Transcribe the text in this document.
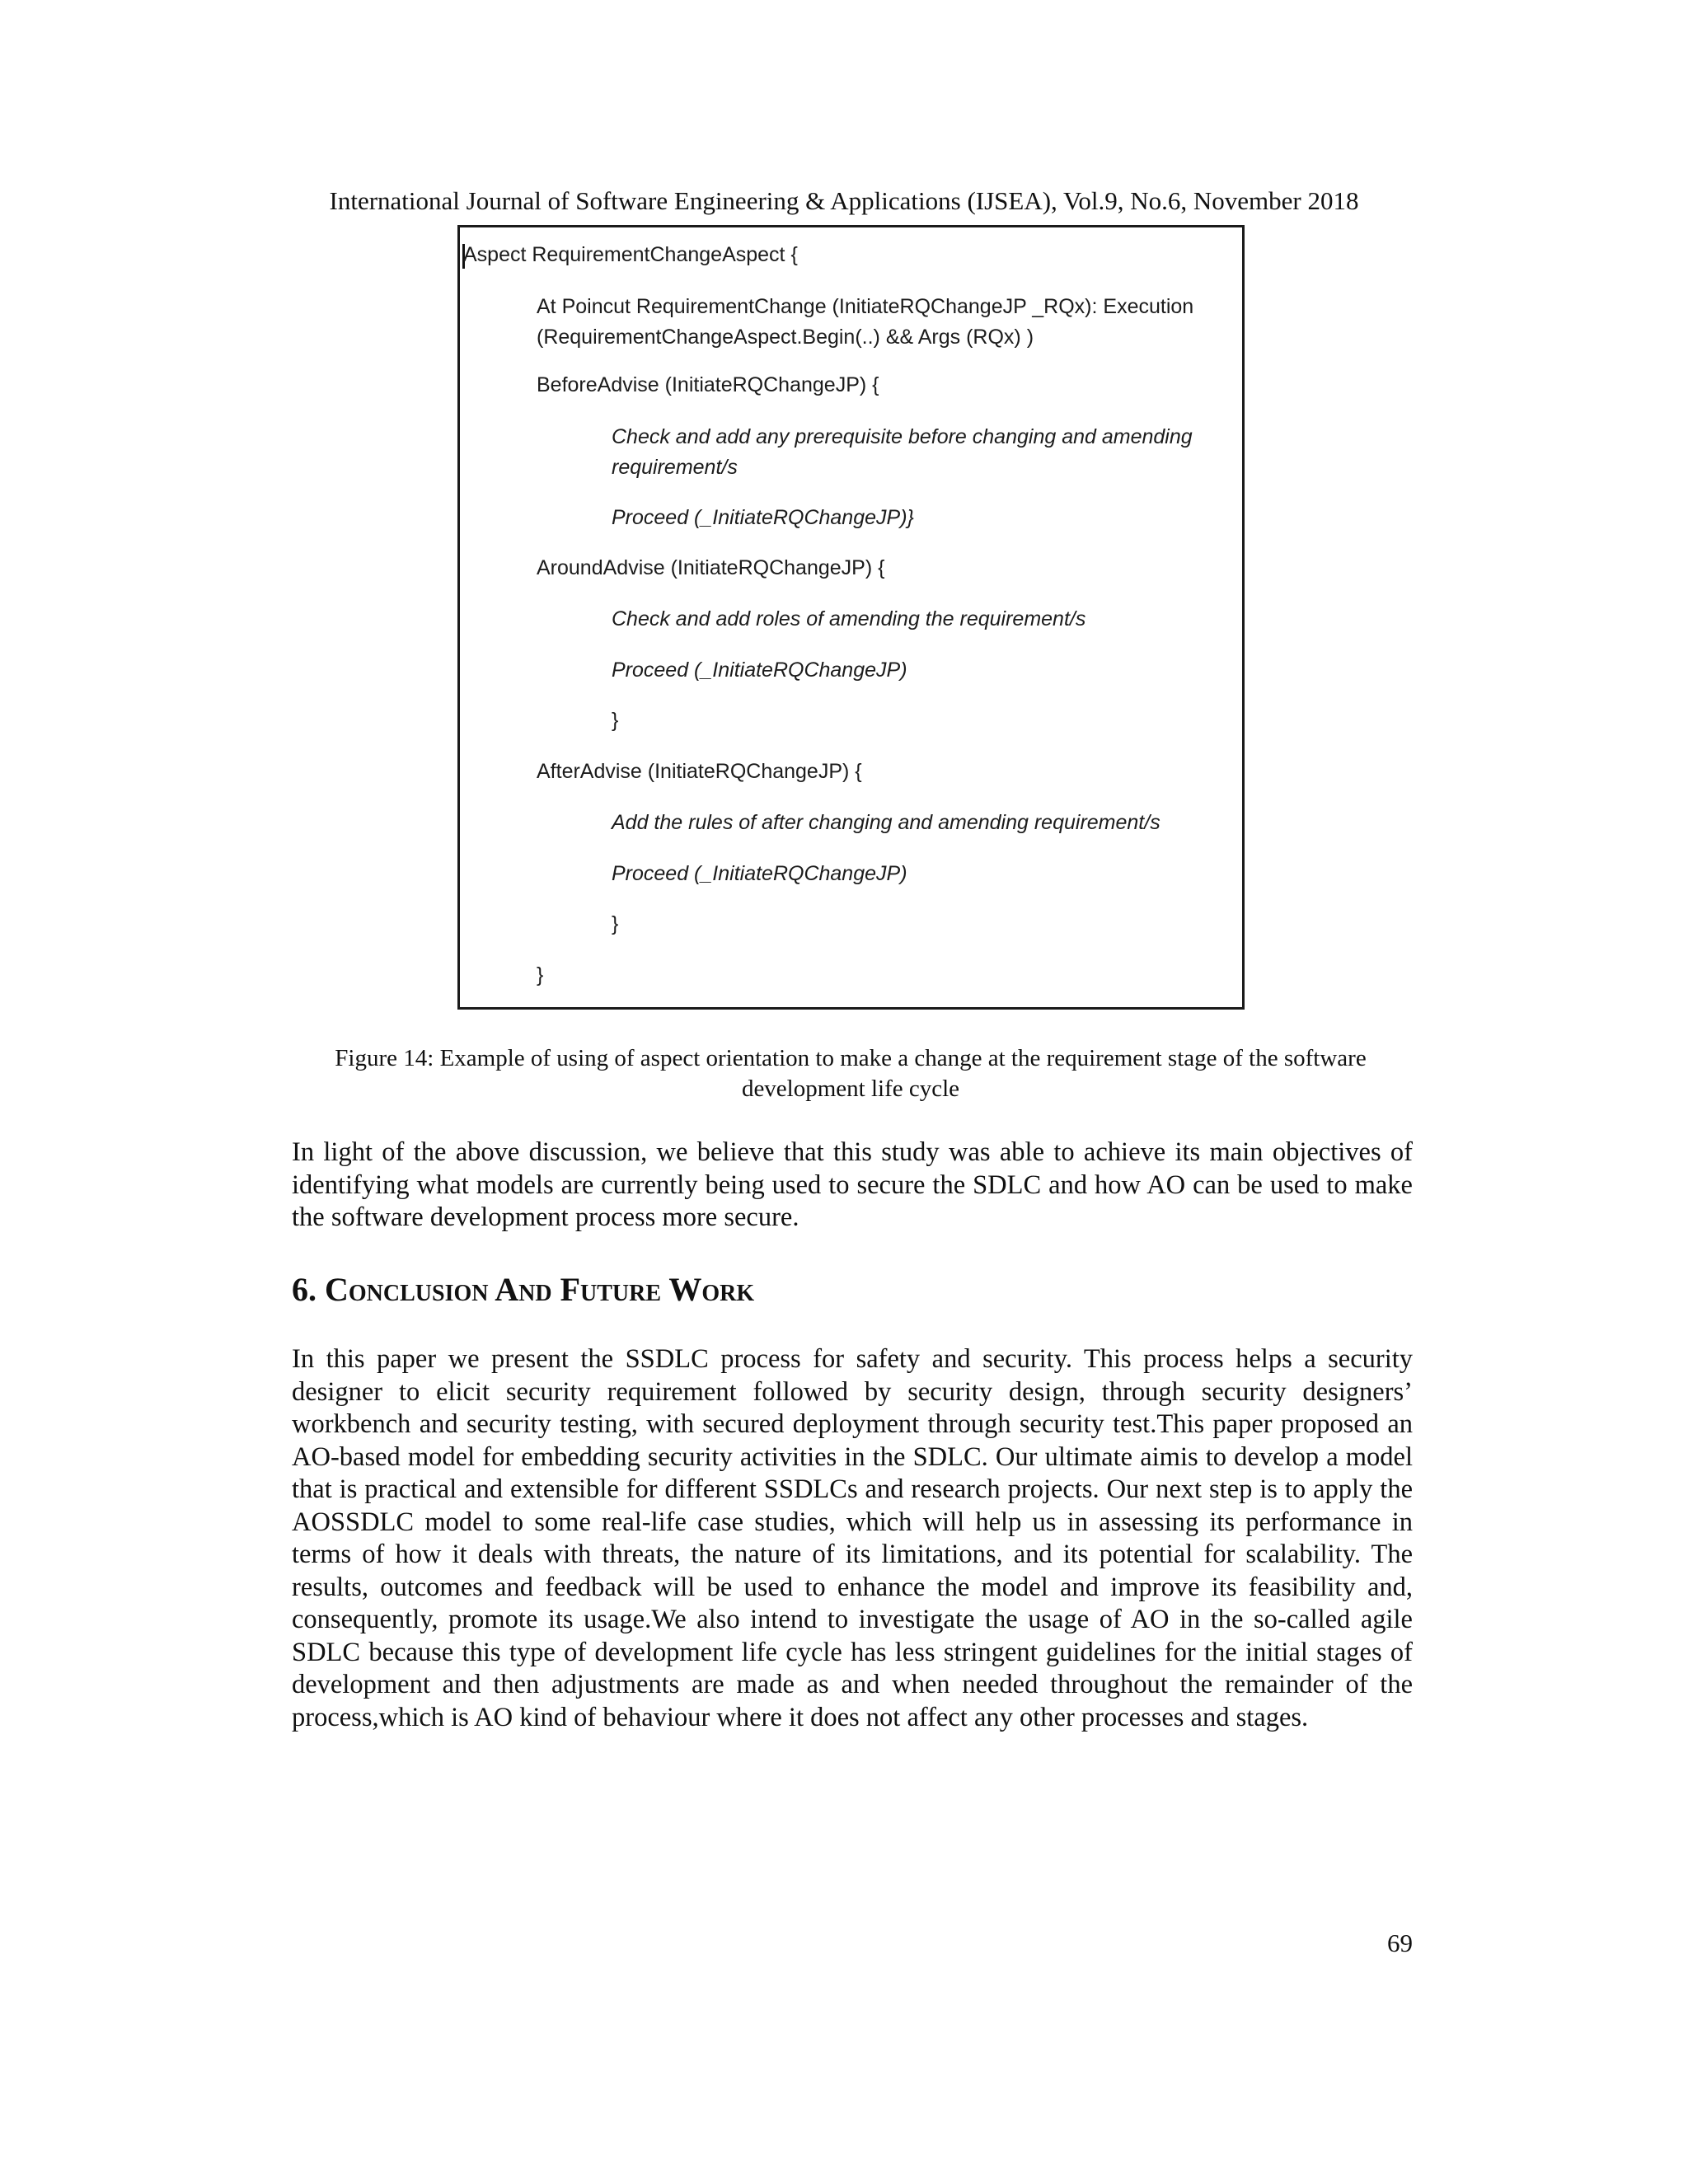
International Journal of Software Engineering & Applications (IJSEA), Vol.9, No.6, November 2018
Aspect RequirementChangeAspect {
At Poincut RequirementChange (InitiateRQChangeJP _RQx): Execution
(RequirementChangeAspect.Begin(..) && Args (RQx) )
BeforeAdvise (InitiateRQChangeJP) {
Check and add any prerequisite before changing and amending
requirement/s
Proceed (_InitiateRQChangeJP)}
AroundAdvise (InitiateRQChangeJP) {
Check and add roles of amending the requirement/s
Proceed (_InitiateRQChangeJP)
}
AfterAdvise (InitiateRQChangeJP) {
Add the rules of after changing and amending requirement/s
Proceed (_InitiateRQChangeJP)
}
}
Figure 14: Example of using of aspect orientation to make a change at the requirement stage of the software
development life cycle
In light of the above discussion, we believe that this study was able to achieve its main objectives of identifying what models are currently being used to secure the SDLC and how AO can be used to make the software development process more secure.
6. Conclusion And Future Work
In this paper we present the SSDLC process for safety and security. This process helps a security designer to elicit security requirement followed by security design, through security designers’ workbench and security testing, with secured deployment through security test.This paper proposed an AO-based model for embedding security activities in the SDLC. Our ultimate aimis to develop a model that is practical and extensible for different SSDLCs and research projects. Our next step is to apply the AOSSDLC model to some real-life case studies, which will help us in assessing its performance in terms of how it deals with threats, the nature of its limitations, and its potential for scalability. The results, outcomes and feedback will be used to enhance the model and improve its feasibility and, consequently, promote its usage.We also intend to investigate the usage of AO in the so-called agile SDLC because this type of development life cycle has less stringent guidelines for the initial stages of development and then adjustments are made as and when needed throughout the remainder of the process,which is AO kind of behaviour where it does not affect any other processes and stages.
69
